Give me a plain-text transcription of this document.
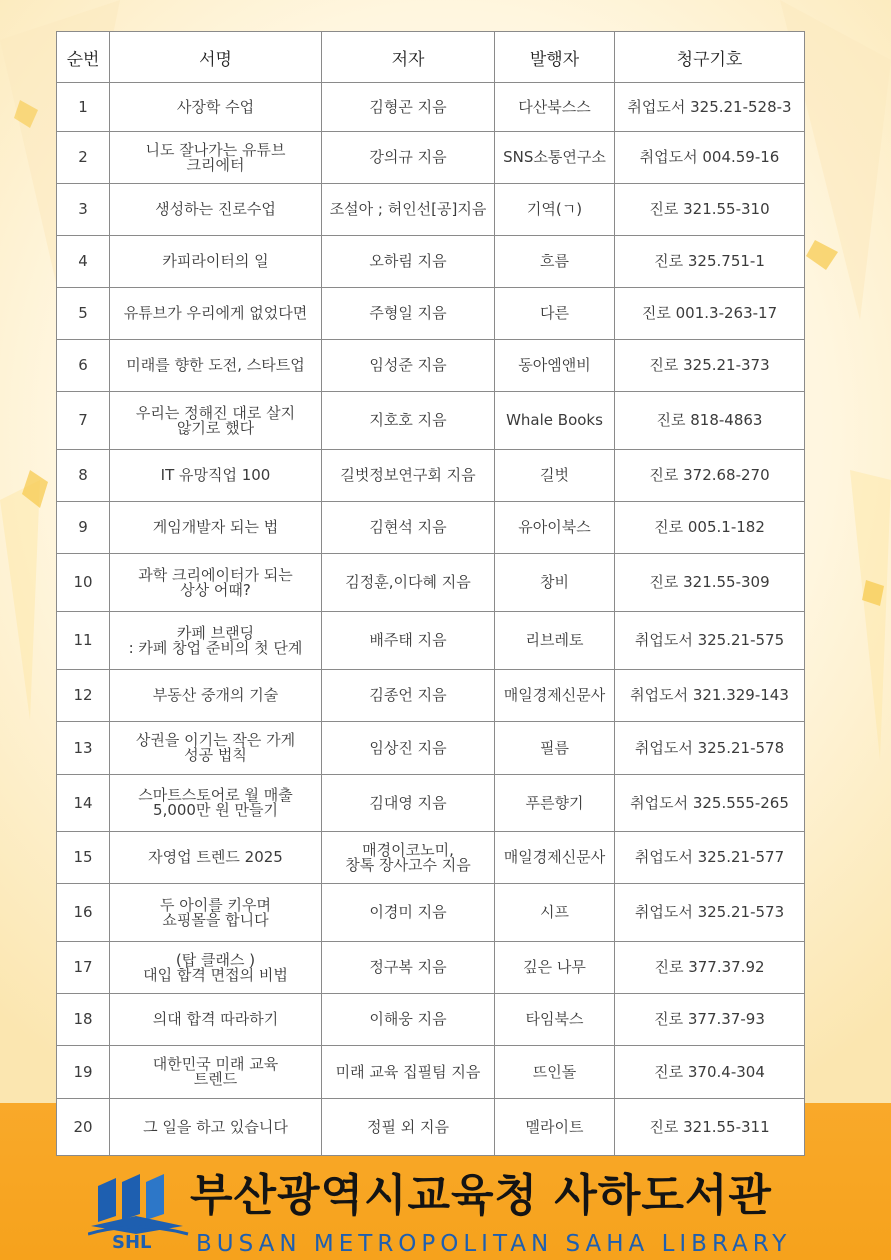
순번	서명	저자	발행자	청구기호
1	사장학 수업	김형곤 지음	다산북스스	취업도서 325.21-528-3
2	니도 잘나가는 유튜브
크리에터	강의규 지음	SNS소통연구소	취업도서 004.59-16
3	생성하는 진로수업	조설아 ; 허인선[공]지음	기역(ㄱ)	진로 321.55-310
4	카피라이터의 일	오하림 지음	흐름	진로 325.751-1
5	유튜브가 우리에게 없었다면	주형일 지음	다른	진로 001.3-263-17
6	미래를 향한 도전, 스타트업	임성준 지음	동아엠앤비	진로 325.21-373
7	우리는 정해진 대로 살지
않기로 했다	지호호 지음	Whale Books	진로 818-4863
8	IT 유망직업 100	길벗정보연구회 지음	길벗	진로 372.68-270
9	게임개발자 되는 법	김현석 지음	유아이북스	진로 005.1-182
10	과학 크리에이터가 되는
상상 어때?	김정훈,이다혜 지음	창비	진로 321.55-309
11	카페 브랜딩
: 카페 창업 준비의 첫 단계	배주태 지음	리브레토	취업도서 325.21-575
12	부동산 중개의 기술	김종언 지음	매일경제신문사	취업도서 321.329-143
13	상권을 이기는 작은 가게
성공 법칙	임상진 지음	필름	취업도서 325.21-578
14	스마트스토어로 월 매출
5,000만 원 만들기	김대영 지음	푸른향기	취업도서 325.555-265
15	자영업 트렌드 2025	매경이코노미,
창톡 장사고수 지음	매일경제신문사	취업도서 325.21-577
16	두 아이를 키우며
쇼핑몰을 합니다	이경미 지음	시프	취업도서 325.21-573
17	(탑 클래스 )
대입 합격 면접의 비법	정구복 지음	깊은 나무	진로 377.37.92
18	의대 합격 따라하기	이해웅 지음	타임북스	진로 377.37-93
19	대한민국 미래 교육
트렌드	미래 교육 집필팀 지음	뜨인돌	진로 370.4-304
20	그 일을 하고 있습니다	정필 외 지음	멜라이트	진로 321.55-311
SHL
부산광역시교육청 사하도서관
BUSAN METROPOLITAN SAHA LIBRARY
